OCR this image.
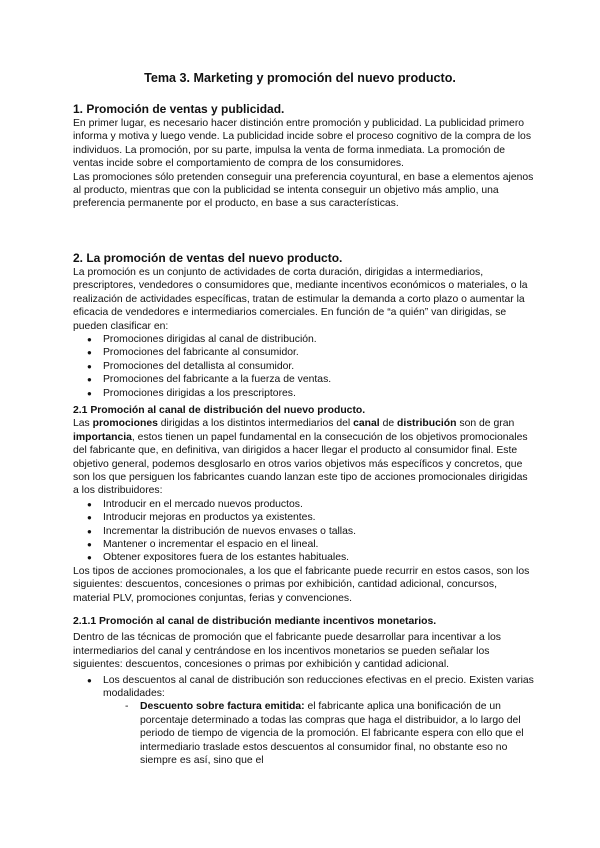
Tema 3. Marketing y promoción del nuevo producto.
1. Promoción de ventas y publicidad.

En primer lugar, es necesario hacer distinción entre promoción y publicidad. La publicidad primero informa y motiva y luego vende. La publicidad incide sobre el proceso cognitivo de la compra de los individuos. La promoción, por su parte, impulsa la venta de forma inmediata. La promoción de ventas incide sobre el comportamiento de compra de los consumidores.

Las promociones sólo pretenden conseguir una preferencia coyuntural, en base a elementos ajenos al producto, mientras que con la publicidad se intenta conseguir un objetivo más amplio, una preferencia permanente por el producto, en base a sus características.

2. La promoción de ventas del nuevo producto.

La promoción es un conjunto de actividades de corta duración, dirigidas a intermediarios, prescriptores, vendedores o consumidores que, mediante incentivos económicos o materiales, o la realización de actividades específicas, tratan de estimular la demanda a corto plazo o aumentar la eficacia de vendedores e intermediarios comerciales. En función de “a quién” van dirigidas, se pueden clasificar en:

● Promociones dirigidas al canal de distribución.
● Promociones del fabricante al consumidor.
● Promociones del detallista al consumidor.
● Promociones del fabricante a la fuerza de ventas.
● Promociones dirigidas a los prescriptores.
2.1 Promoción al canal de distribución del nuevo producto.

Las promociones dirigidas a los distintos intermediarios del canal de distribución son de gran importancia, estos tienen un papel fundamental en la consecución de los objetivos promocionales del fabricante que, en definitiva, van dirigidos a hacer llegar el producto al consumidor final. Este objetivo general, podemos desglosarlo en otros varios objetivos más específicos y concretos, que son los que persiguen los fabricantes cuando lanzan este tipo de acciones promocionales dirigidas a los distribuidores:

● Introducir en el mercado nuevos productos.
● Introducir mejoras en productos ya existentes.
● Incrementar la distribución de nuevos envases o tallas.
● Mantener o incrementar el espacio en el lineal.
● Obtener expositores fuera de los estantes habituales.

Los tipos de acciones promocionales, a los que el fabricante puede recurrir en estos casos, son los siguientes: descuentos, concesiones o primas por exhibición, cantidad adicional, concursos, material PLV, promociones conjuntas, ferias y convenciones.

2.1.1 Promoción al canal de distribución mediante incentivos monetarios.

Dentro de las técnicas de promoción que el fabricante puede desarrollar para incentivar a los intermediarios del canal y centrándose en los incentivos monetarios se pueden señalar los siguientes: descuentos, concesiones o primas por exhibición y cantidad adicional.

● Los descuentos al canal de distribución son reducciones efectivas en el precio. Existen varias modalidades:
- Descuento sobre factura emitida: el fabricante aplica una bonificación de un porcentaje determinado a todas las compras que haga el distribuidor, a lo largo del periodo de tiempo de vigencia de la promoción. El fabricante espera con ello que el intermediario traslade estos descuentos al consumidor final, no obstante eso no siempre es así, sino que el
